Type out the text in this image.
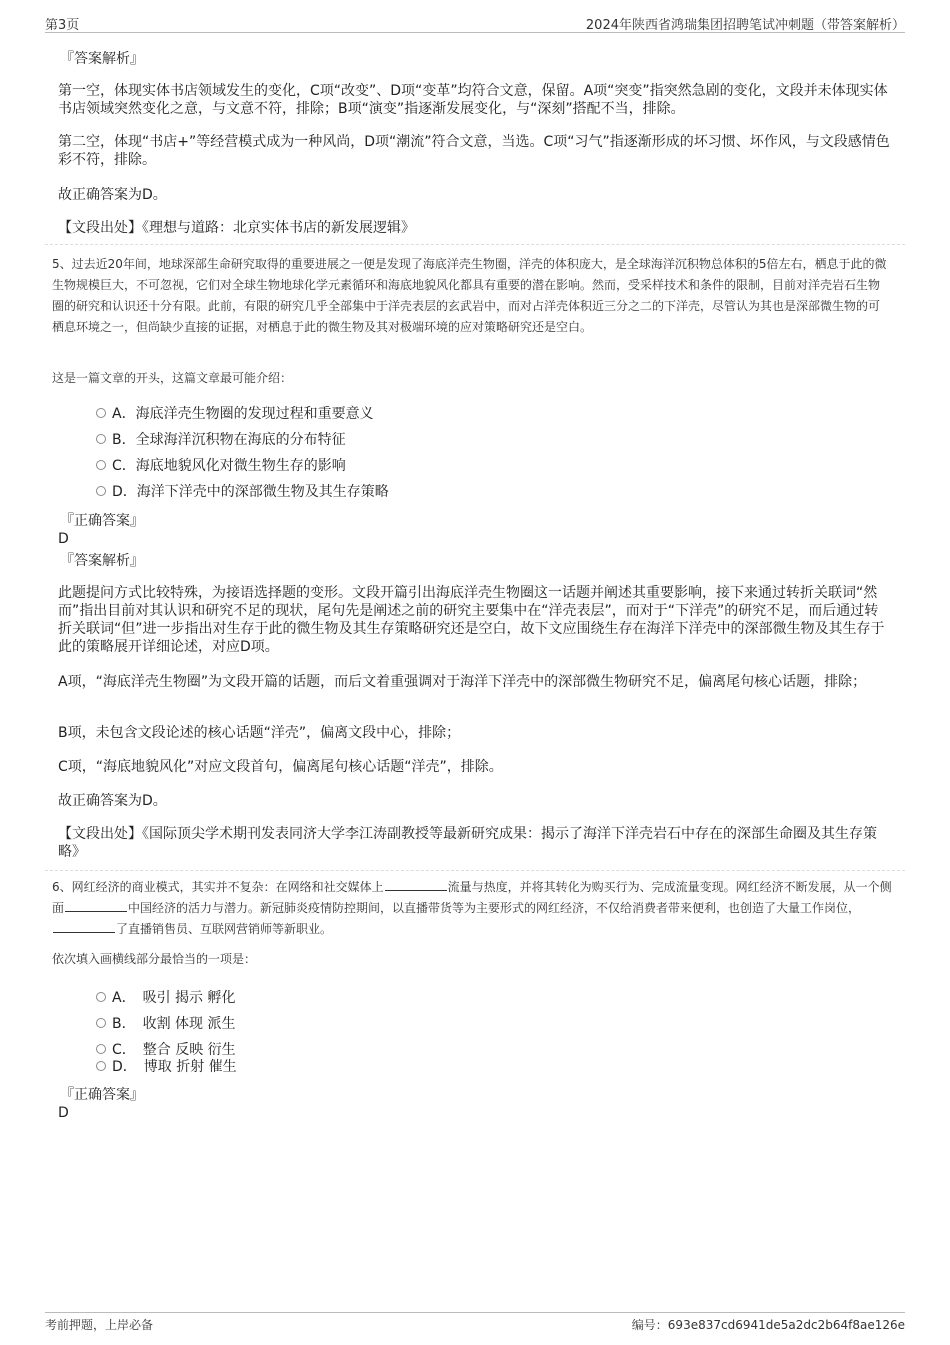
第3页	2024年陕西省鸿瑞集团招聘笔试冲刺题（带答案解析）
『答案解析』
第一空，体现实体书店领域发生的变化，C项“改变”、D项“变革”均符合文意，保留。A项“突变”指突然急剧的变化，文段并未体现实体书店领域突然变化之意，与文意不符，排除；B项“演变”指逐渐发展变化，与“深刻”搭配不当，排除。
第二空，体现“书店+”等经营模式成为一种风尚，D项“潮流”符合文意，当选。C项“习气”指逐渐形成的坏习惯、坏作风，与文段感情色彩不符，排除。
故正确答案为D。
【文段出处】《理想与道路：北京实体书店的新发展逻辑》
5、过去近20年间，地球深部生命研究取得的重要进展之一便是发现了海底洋壳生物圈，洋壳的体积庞大，是全球海洋沉积物总体积的5倍左右，栖息于此的微生物规模巨大，不可忽视，它们对全球生物地球化学元素循环和海底地貌风化都具有重要的潜在影响。然而，受采样技术和条件的限制，目前对洋壳岩石生物圈的研究和认识还十分有限。此前，有限的研究几乎全部集中于洋壳表层的玄武岩中，而对占洋壳体积近三分之二的下洋壳，尽管认为其也是深部微生物的可栖息环境之一，但尚缺少直接的证据，对栖息于此的微生物及其对极端环境的应对策略研究还是空白。
这是一篇文章的开头，这篇文章最可能介绍：
A．海底洋壳生物圈的发现过程和重要意义
B．全球海洋沉积物在海底的分布特征
C．海底地貌风化对微生物生存的影响
D．海洋下洋壳中的深部微生物及其生存策略
『正确答案』
D
『答案解析』
此题提问方式比较特殊，为接语选择题的变形。文段开篇引出海底洋壳生物圈这一话题并阐述其重要影响，接下来通过转折关联词“然而”指出目前对其认识和研究不足的现状，尾句先是阐述之前的研究主要集中在“洋壳表层”，而对于“下洋壳”的研究不足，而后通过转折关联词“但”进一步指出对生存于此的微生物及其生存策略研究还是空白，故下文应围绕生存在海洋下洋壳中的深部微生物及其生存于此的策略展开详细论述，对应D项。
A项，“海底洋壳生物圈”为文段开篇的话题，而后文着重强调对于海洋下洋壳中的深部微生物研究不足，偏离尾句核心话题，排除；
B项，未包含文段论述的核心话题“洋壳”，偏离文段中心，排除；
C项，“海底地貌风化”对应文段首句，偏离尾句核心话题“洋壳”，排除。
故正确答案为D。
【文段出处】《国际顶尖学术期刊发表同济大学李江涛副教授等最新研究成果：揭示了海洋下洋壳岩石中存在的深部生命圈及其生存策略》
6、网红经济的商业模式，其实并不复杂：在网络和社交媒体上	流量与热度，并将其转化为购买行为、完成流量变现。网红经济不断发展，从一个侧面	中国经济的活力与潜力。新冠肺炎疫情防控期间，以直播带货等为主要形式的网红经济，不仅给消费者带来便利，也创造了大量工作岗位，了直播销售员、互联网营销师等新职业。
依次填入画横线部分最恰当的一项是：
A．　吸引 揭示 孵化
B．　收割 体现 派生
C．　整合 反映 衍生
D．　博取 折射 催生
『正确答案』
D
考前押题，上岸必备	编号：693e837cd6941de5a2dc2b64f8ae126e
